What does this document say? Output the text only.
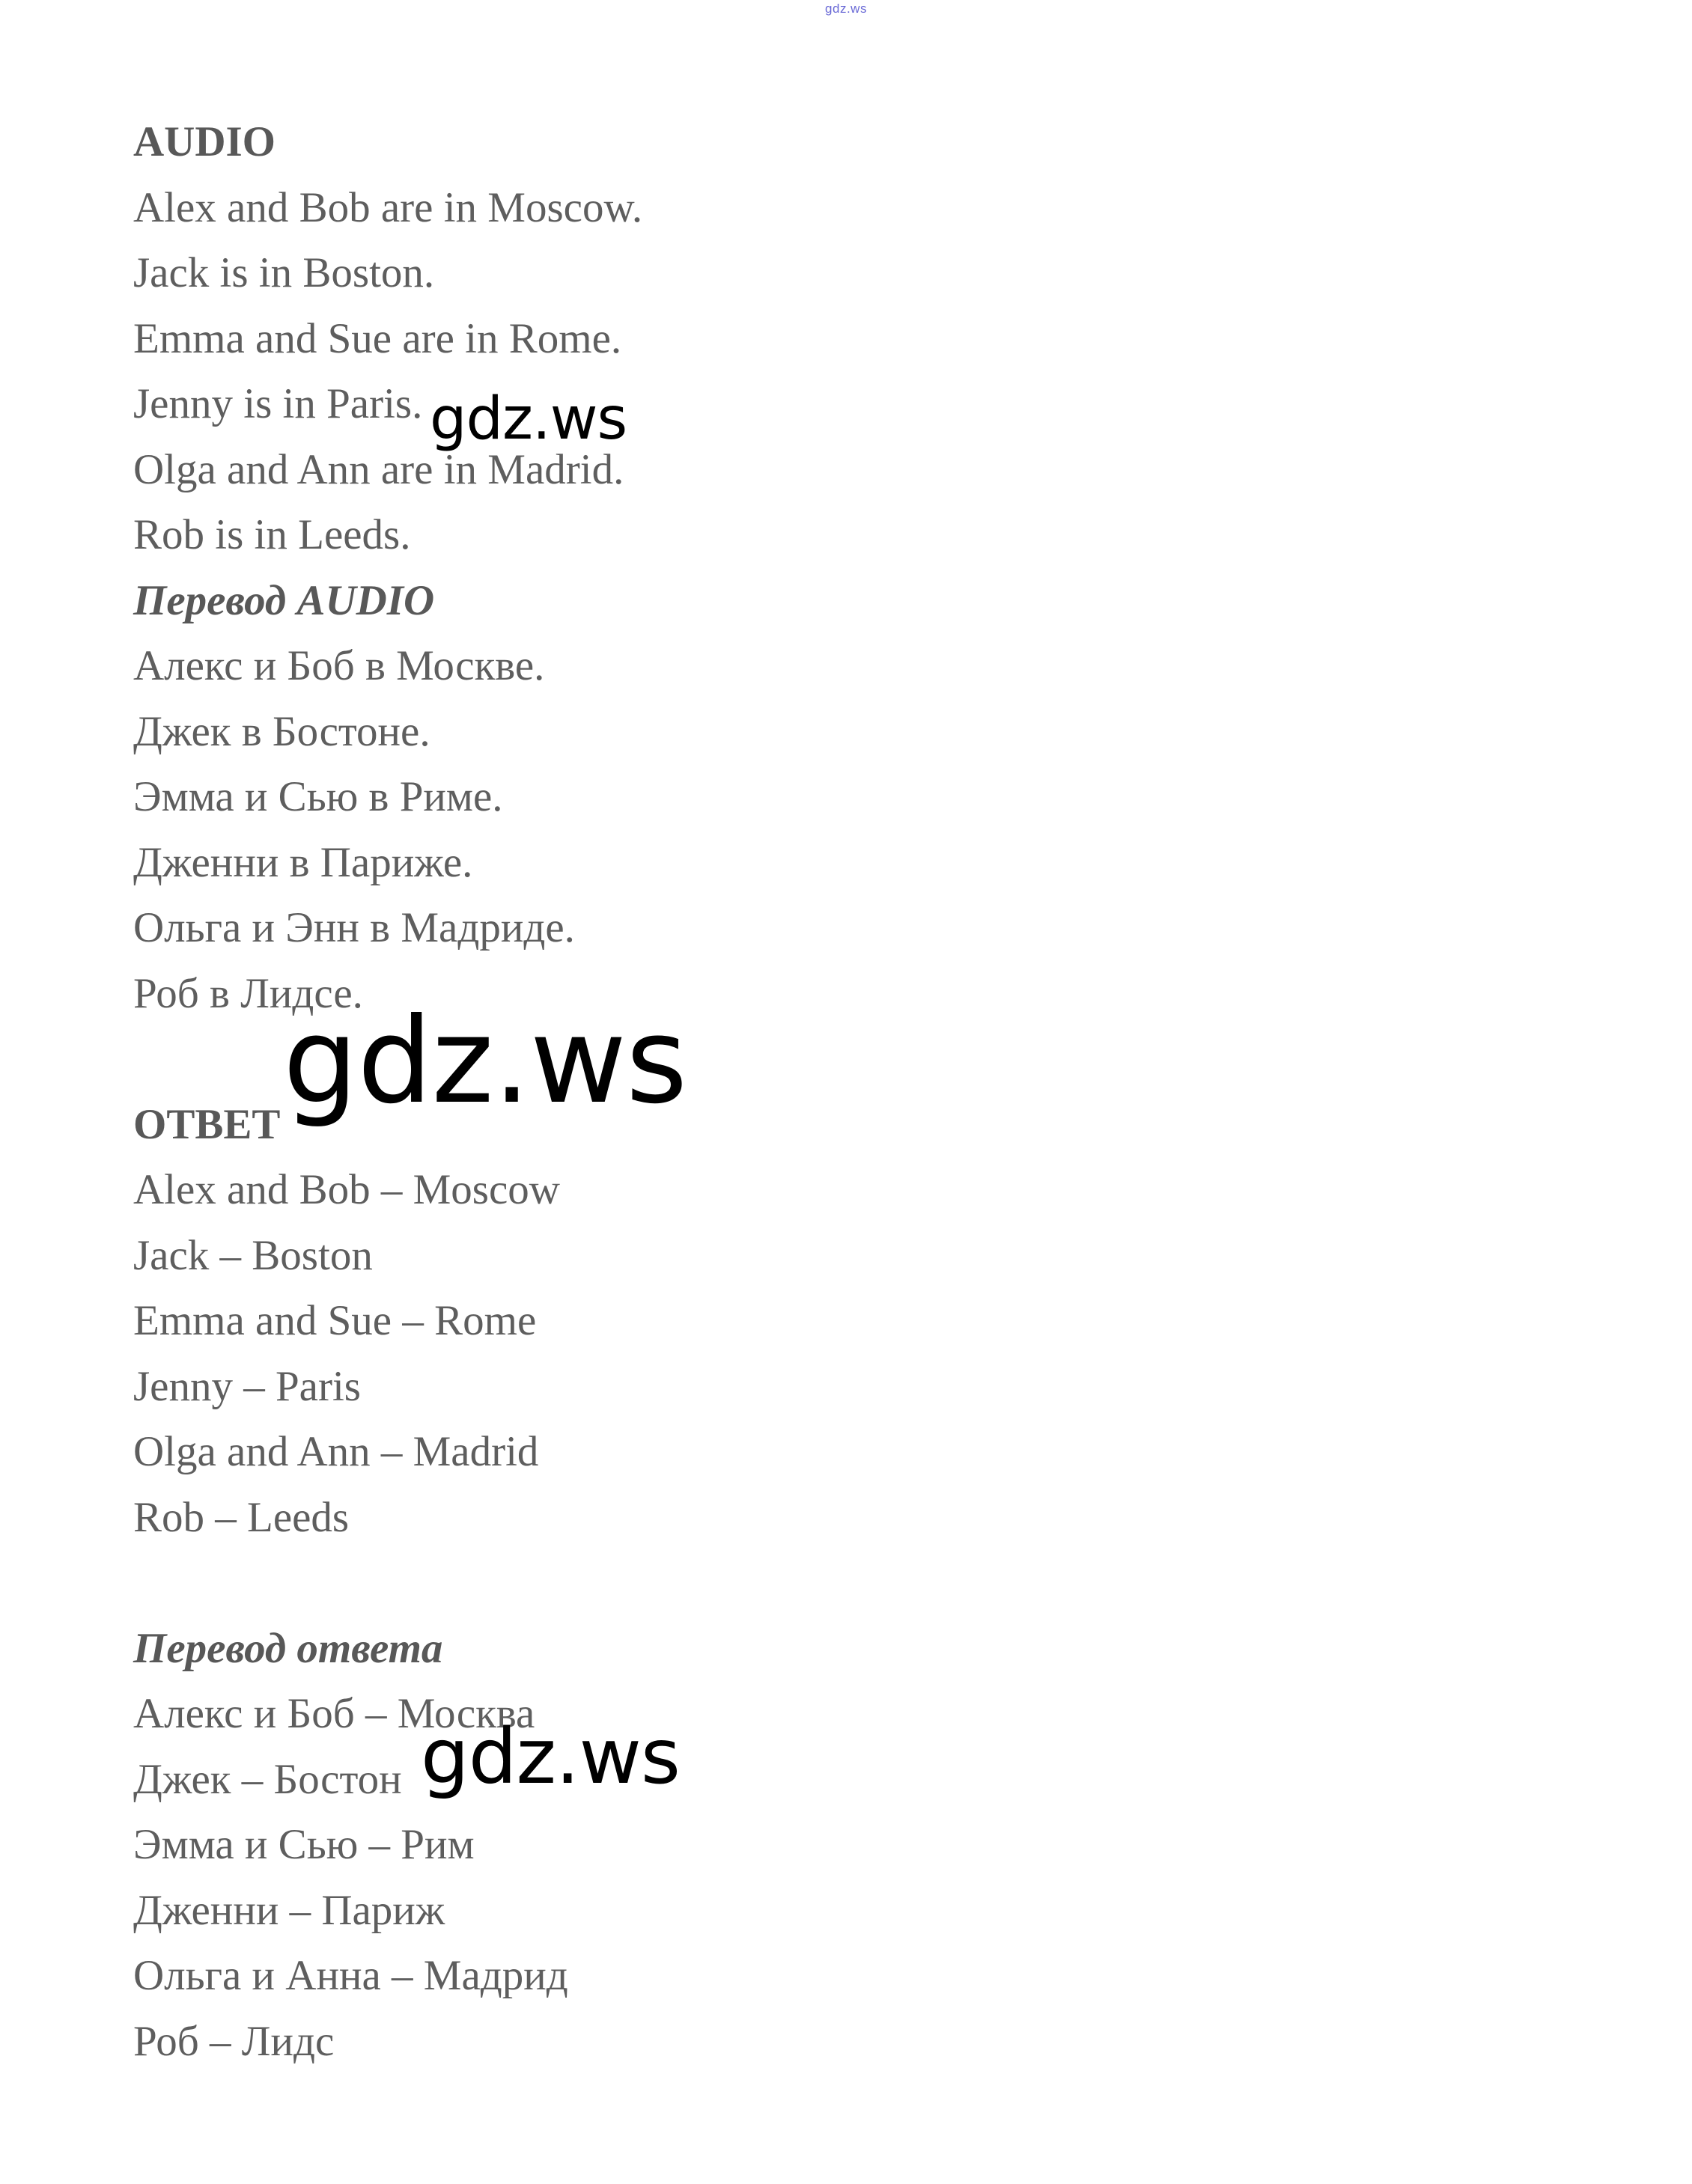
gdz.ws
AUDIO
Alex and Bob are in Moscow.
Jack is in Boston.
Emma and Sue are in Rome.
Jenny is in Paris.
Olga and Ann are in Madrid.
Rob is in Leeds.
Перевод AUDIO
Алекс и Боб в Москве.
Джек в Бостоне.
Эмма и Сью в Риме.
Дженни в Париже.
Ольга и Энн в Мадриде.
Роб в Лидсе.
ОТВЕТ
Alex and Bob – Moscow
Jack – Boston
Emma and Sue – Rome
Jenny – Paris
Olga and Ann – Madrid
Rob – Leeds
Перевод ответа
Алекс и Боб – Москва
Джек – Бостон
Эмма и Сью – Рим
Дженни – Париж
Ольга и Анна – Мадрид
Роб – Лидс
gdz.ws
gdz.ws
gdz.ws
